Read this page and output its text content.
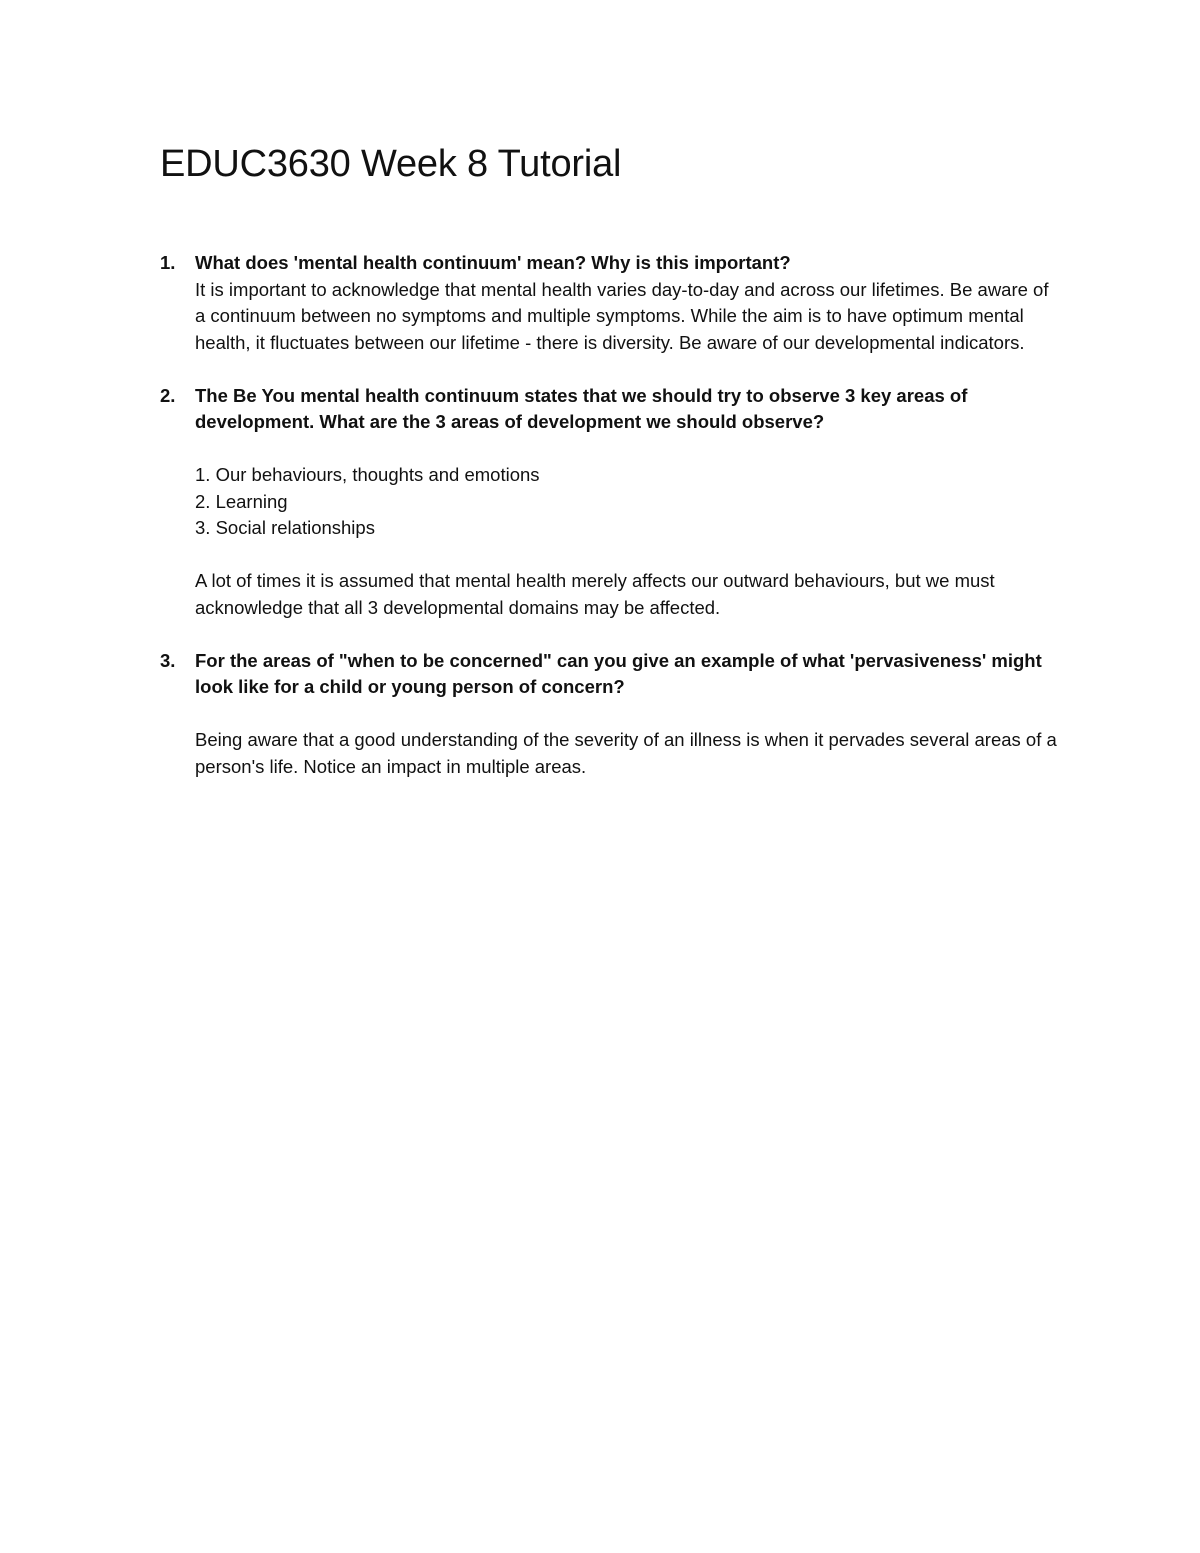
EDUC3630 Week 8 Tutorial
1. What does 'mental health continuum' mean? Why is this important?

It is important to acknowledge that mental health varies day-to-day and across our lifetimes. Be aware of a continuum between no symptoms and multiple symptoms. While the aim is to have optimum mental health, it fluctuates between our lifetime - there is diversity. Be aware of our developmental indicators.

2. The Be You mental health continuum states that we should try to observe 3 key areas of development. What are the 3 areas of development we should observe?
1. Our behaviours, thoughts and emotions
2. Learning
3. Social relationships

A lot of times it is assumed that mental health merely affects our outward behaviours, but we must acknowledge that all 3 developmental domains may be affected.

3. For the areas of "when to be concerned" can you give an example of what 'pervasiveness' might look like for a child or young person of concern?

Being aware that a good understanding of the severity of an illness is when it pervades several areas of a person's life. Notice an impact in multiple areas.
